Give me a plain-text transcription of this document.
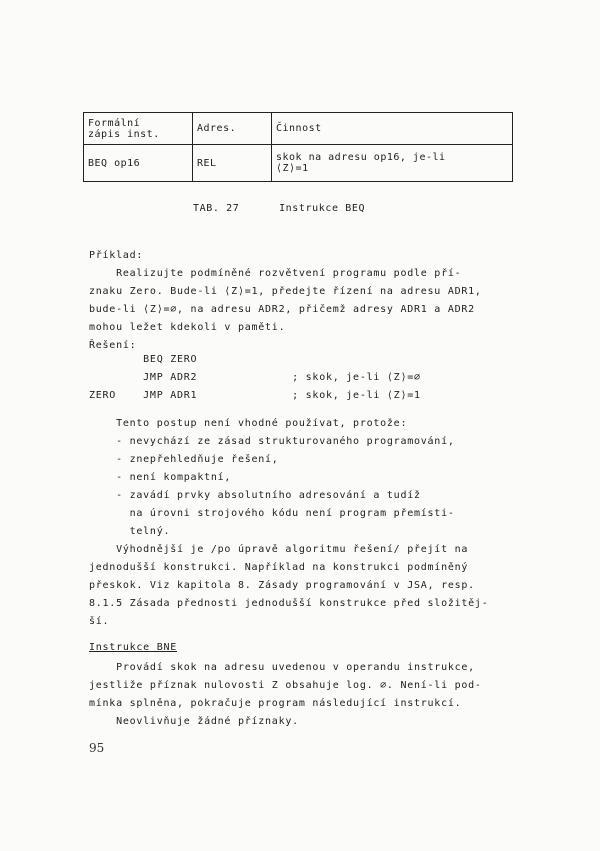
Formální
zápis inst.	Adres.	Činnost
BEQ op16	REL	skok na adresu op16, je-li
⟨Z⟩=1
TAB. 27      Instrukce BEQ
Příklad:
Realizujte podmíněné rozvětvení programu podle pří-
znaku Zero. Bude-li ⟨Z⟩=1, předejte řízení na adresu ADR1,
bude-li ⟨Z⟩=∅, na adresu ADR2, přičemž adresy ADR1 a ADR2
mohou ležet kdekoli v paměti.
Řešení:
BEQ ZERO
JMP ADR2              ; skok, je-li ⟨Z⟩=∅
ZERO    JMP ADR1              ; skok, je-li ⟨Z⟩=1
Tento postup není vhodné používat, protože:
- nevychází ze zásad strukturovaného programování,
- znepřehledňuje řešení,
- není kompaktní,
- zavádí prvky absolutního adresování a tudíž
na úrovni strojového kódu není program přemísti-
telný.
Výhodnější je /po úpravě algoritmu řešení/ přejít na
jednodušší konstrukci. Například na konstrukci podmíněný
přeskok. Viz kapitola 8. Zásady programování v JSA, resp.
8.1.5 Zásada přednosti jednodušší konstrukce před složitěj-
ší.
Instrukce BNE
Provádí skok na adresu uvedenou v operandu instrukce,
jestliže příznak nulovosti Z obsahuje log. ∅. Není-li pod-
mínka splněna, pokračuje program následující instrukcí.
Neovlivňuje žádné příznaky.
95
